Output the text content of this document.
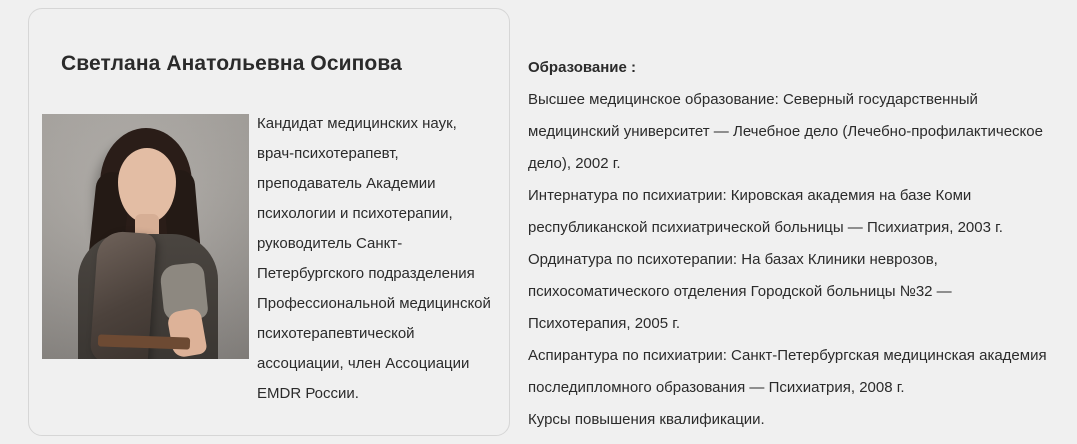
Светлана Анатольевна Осипова
Кандидат медицинских наук, врач-психотерапевт, преподаватель Академии психологии и психотерапии, руководитель Санкт-Петербургского подразделения Профессиональной медицинской психотерапевтической ассоциации, член Ассоциации EMDR России.
Образование :

Высшее медицинское образование: Северный государственный медицинский университет — Лечебное дело (Лечебно-профилактическое дело), 2002 г.

Интернатура по психиатрии: Кировская академия на базе Коми республиканской психиатрической больницы — Психиатрия, 2003 г.

Ординатура по психотерапии: На базах Клиники неврозов, психосоматического отделения Городской больницы №32 — Психотерапия, 2005 г.

Аспирантура по психиатрии: Санкт-Петербургская медицинская академия последипломного образования — Психиатрия, 2008 г.

Курсы повышения квалификации.
